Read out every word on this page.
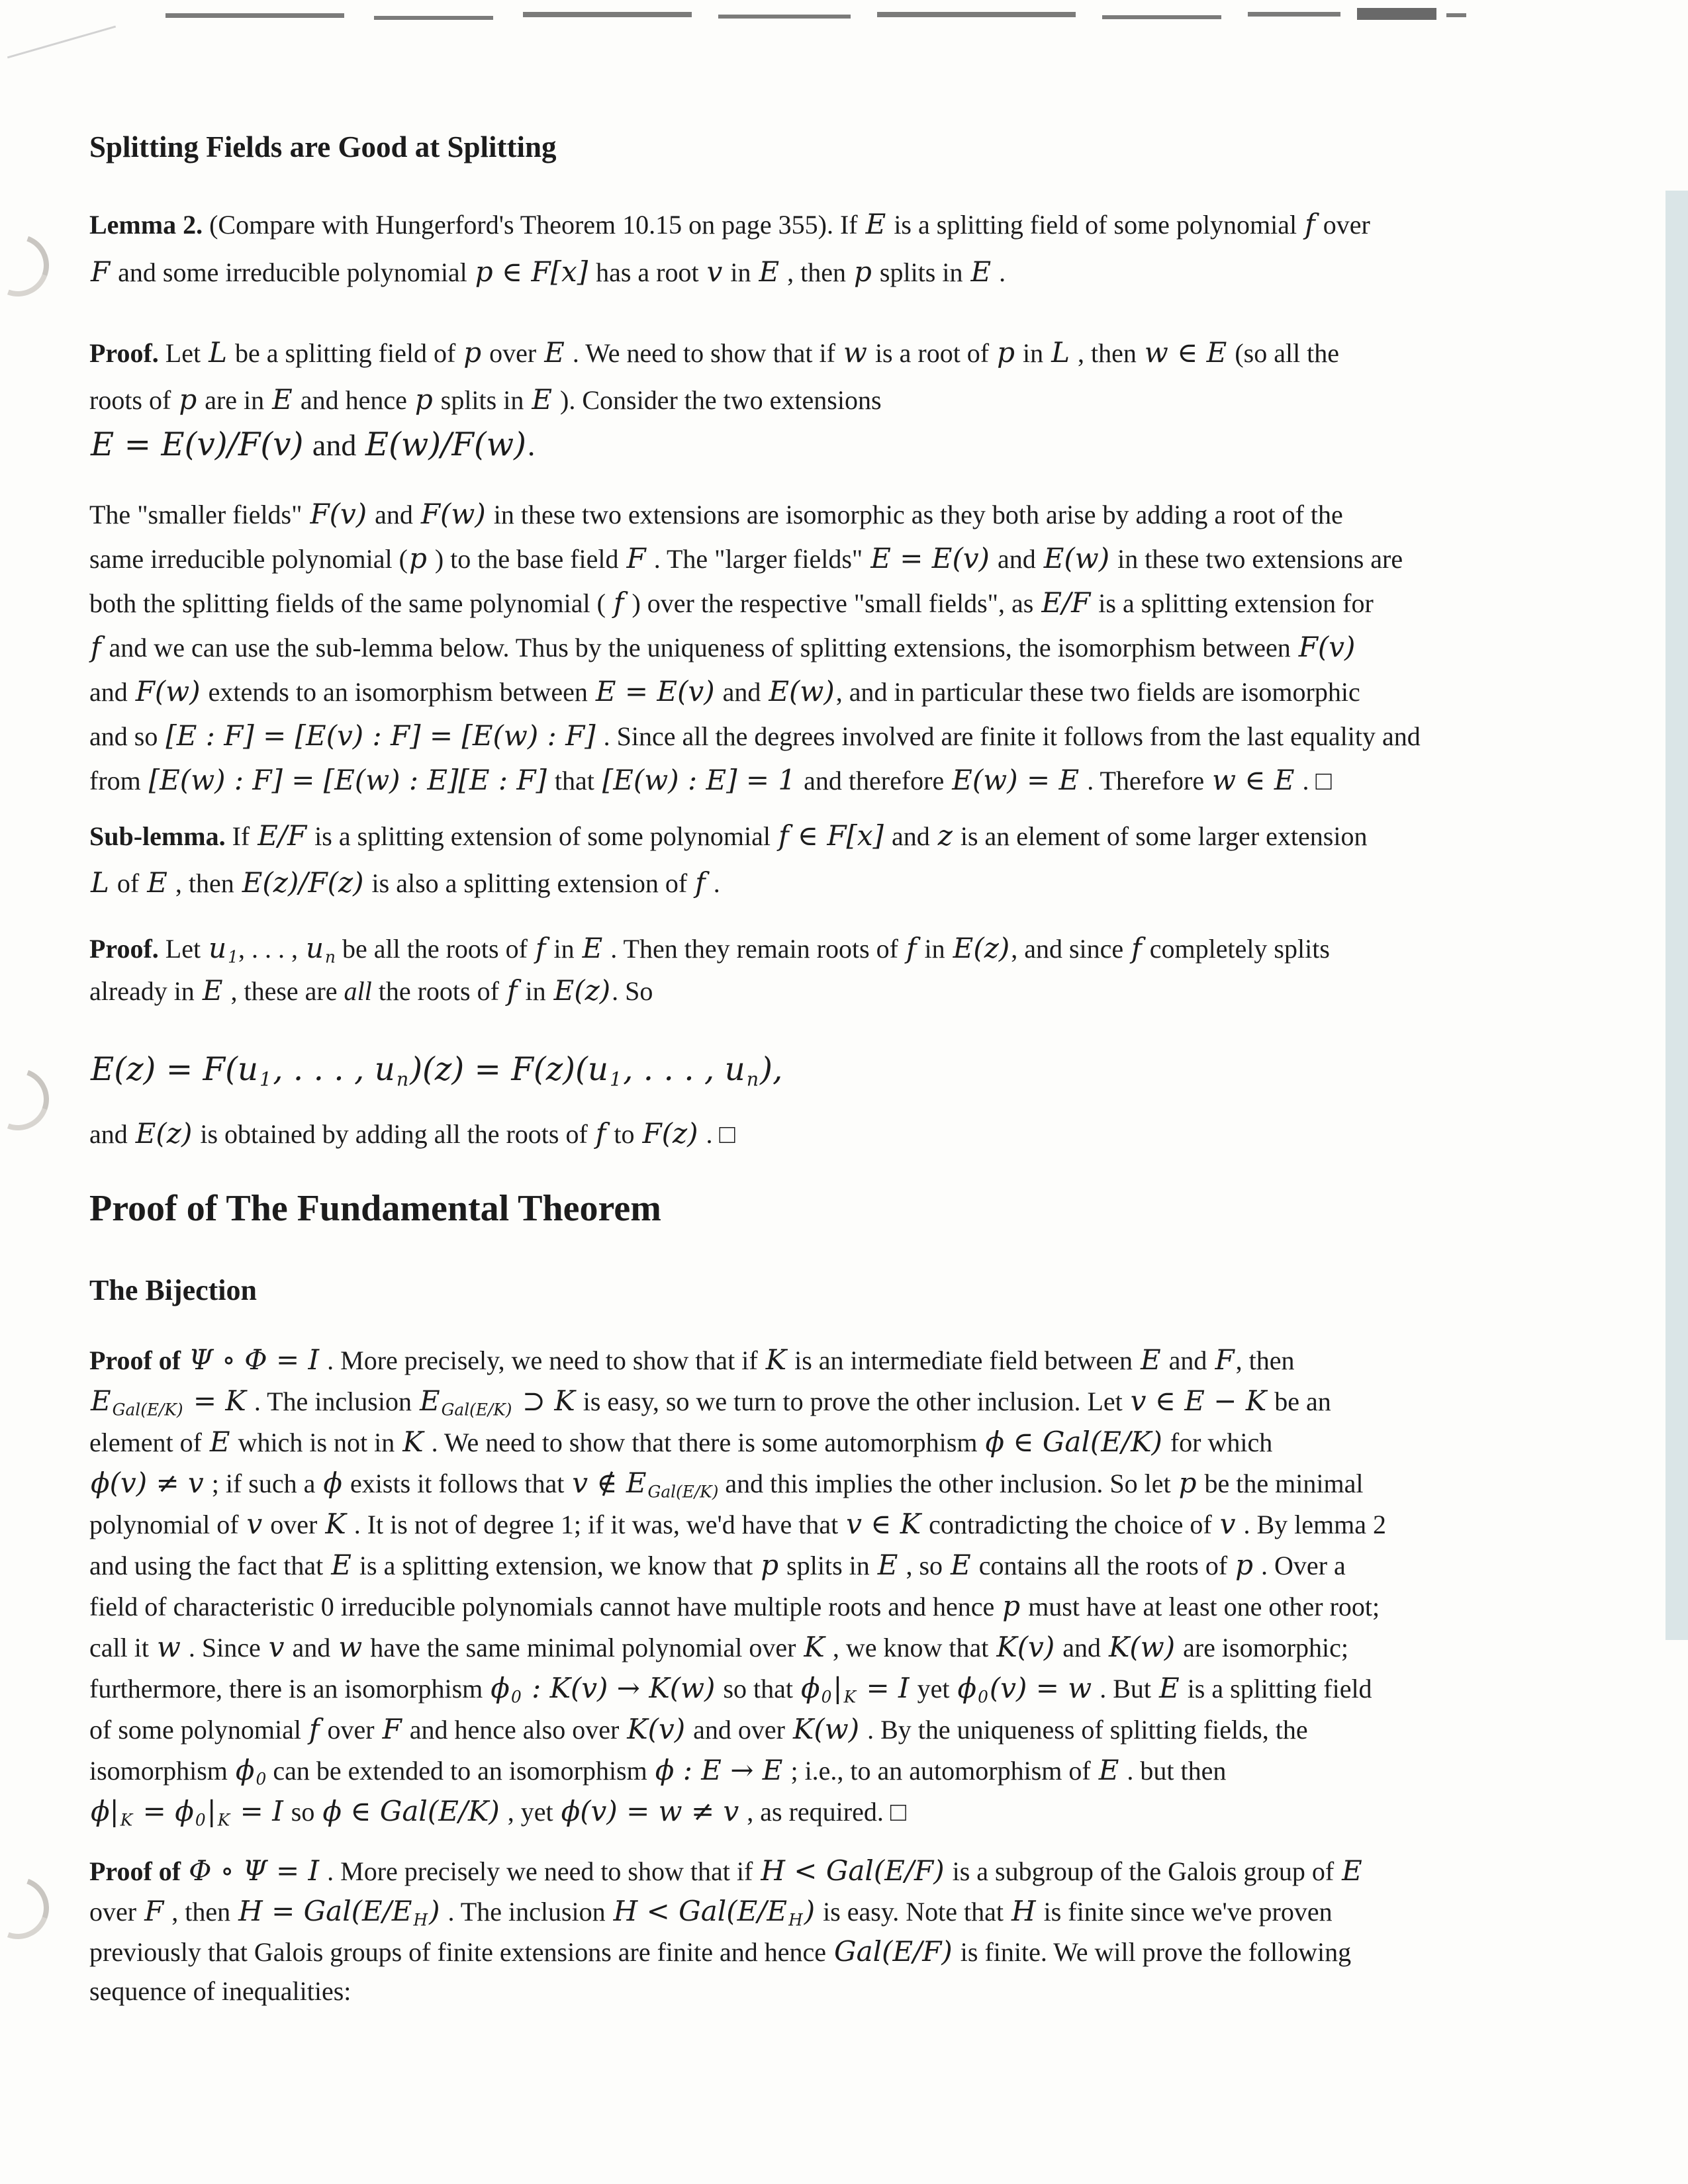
Splitting Fields are Good at Splitting
Lemma 2. (Compare with Hungerford's Theorem 10.15 on page 355). If E is a splitting field of some polynomial f over
F and some irreducible polynomial p ∈ F[x] has a root v in E , then p splits in E .
Proof. Let L be a splitting field of p over E . We need to show that if w is a root of p in L , then w ∈ E (so all the
roots of p are in E and hence p splits in E ). Consider the two extensions
E = E(v)/F(v) and E(w)/F(w).
The "smaller fields" F(v) and F(w) in these two extensions are isomorphic as they both arise by adding a root of the
same irreducible polynomial (p ) to the base field F . The "larger fields" E = E(v) and E(w) in these two extensions are
both the splitting fields of the same polynomial ( f ) over the respective "small fields", as E/F is a splitting extension for
f and we can use the sub-lemma below. Thus by the uniqueness of splitting extensions, the isomorphism between F(v)
and F(w) extends to an isomorphism between E = E(v) and E(w), and in particular these two fields are isomorphic
and so [E : F] = [E(v) : F] = [E(w) : F] . Since all the degrees involved are finite it follows from the last equality and
from [E(w) : F] = [E(w) : E][E : F] that [E(w) : E] = 1 and therefore E(w) = E . Therefore w ∈ E . □
Sub-lemma. If E/F is a splitting extension of some polynomial f ∈ F[x] and z is an element of some larger extension
L of E , then E(z)/F(z) is also a splitting extension of f .
Proof. Let u1, . . . , un be all the roots of f in E . Then they remain roots of f in E(z), and since f completely splits
already in E , these are all the roots of f in E(z). So
E(z) = F(u1, . . . , un)(z) = F(z)(u1, . . . , un),
and E(z) is obtained by adding all the roots of f to F(z) . □
Proof of The Fundamental Theorem
The Bijection
Proof of Ψ ∘ Φ = I . More precisely, we need to show that if K is an intermediate field between E and F, then
EGal(E/K) = K . The inclusion EGal(E/K) ⊃ K is easy, so we turn to prove the other inclusion. Let v ∈ E − K be an
element of E which is not in K . We need to show that there is some automorphism ϕ ∈ Gal(E/K) for which
ϕ(v) ≠ v ; if such a ϕ exists it follows that v ∉ EGal(E/K) and this implies the other inclusion. So let p be the minimal
polynomial of v over K . It is not of degree 1; if it was, we'd have that v ∈ K contradicting the choice of v . By lemma 2
and using the fact that E is a splitting extension, we know that p splits in E , so E contains all the roots of p . Over a
field of characteristic 0 irreducible polynomials cannot have multiple roots and hence p must have at least one other root;
call it w . Since v and w have the same minimal polynomial over K , we know that K(v) and K(w) are isomorphic;
furthermore, there is an isomorphism ϕ0 : K(v) → K(w) so that ϕ0|K = I yet ϕ0(v) = w . But E is a splitting field
of some polynomial f over F and hence also over K(v) and over K(w) . By the uniqueness of splitting fields, the
isomorphism ϕ0 can be extended to an isomorphism ϕ : E → E ; i.e., to an automorphism of E . but then
ϕ|K = ϕ0|K = I so ϕ ∈ Gal(E/K) , yet ϕ(v) = w ≠ v , as required. □
Proof of Φ ∘ Ψ = I . More precisely we need to show that if H < Gal(E/F) is a subgroup of the Galois group of E
over F , then H = Gal(E/EH) . The inclusion H < Gal(E/EH) is easy. Note that H is finite since we've proven
previously that Galois groups of finite extensions are finite and hence Gal(E/F) is finite. We will prove the following
sequence of inequalities:
